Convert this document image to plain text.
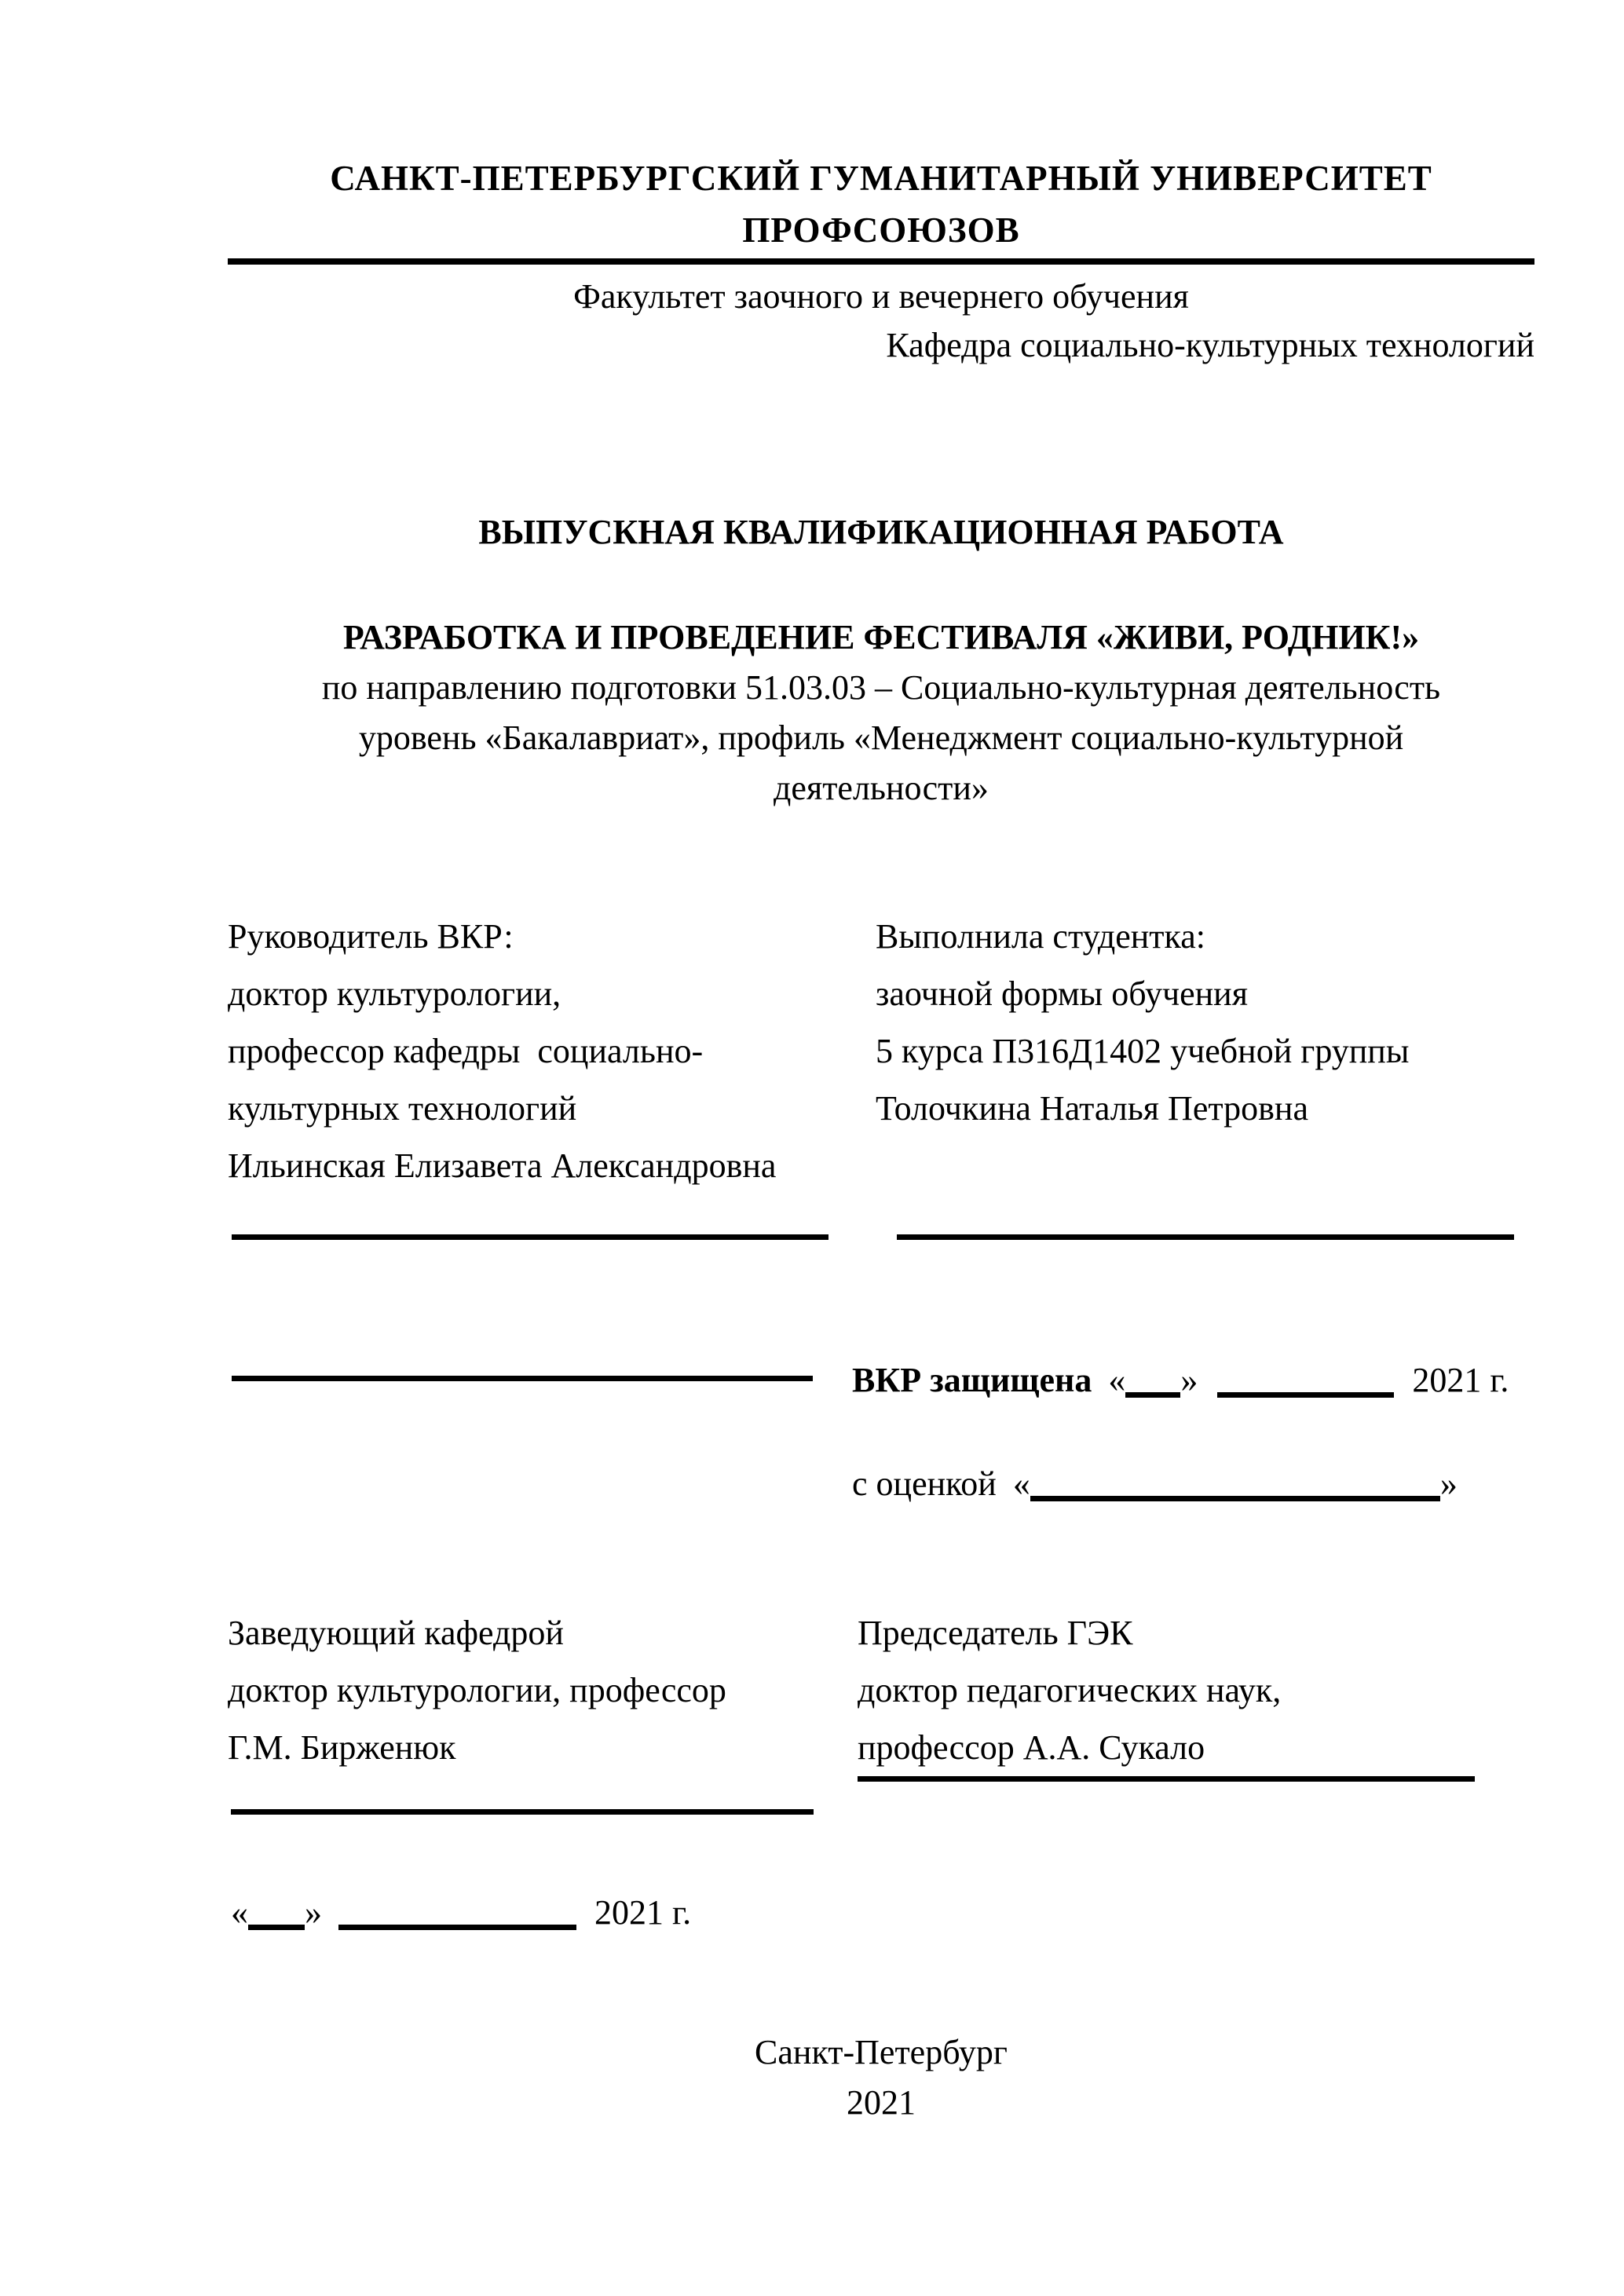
САНКТ-ПЕТЕРБУРГСКИЙ ГУМАНИТАРНЫЙ УНИВЕРСИТЕТ
ПРОФСОЮЗОВ
Факультет заочного и вечернего обучения
Кафедра социально-культурных технологий
ВЫПУСКНАЯ КВАЛИФИКАЦИОННАЯ РАБОТА
РАЗРАБОТКА И ПРОВЕДЕНИЕ ФЕСТИВАЛЯ «ЖИВИ, РОДНИК!»
по направлению подготовки 51.03.03 – Социально-культурная деятельность
уровень «Бакалавриат», профиль «Менеджмент социально-культурной
деятельности»
Руководитель ВКР:
доктор культурологии,
профессор кафедры  социально-
культурных технологий
Ильинская Елизавета Александровна
Выполнила студентка:
заочной формы обучения
5 курса П316Д1402 учебной группы
Толочкина Наталья Петровна
ВКР защищена « »	2021 г.
с оценкой «	»
Заведующий кафедрой
доктор культурологии, профессор
Г.М. Бирженюк
Председатель ГЭК
доктор педагогических наук,
профессор А.А. Сукало
« »	2021 г.
Санкт-Петербург
2021
